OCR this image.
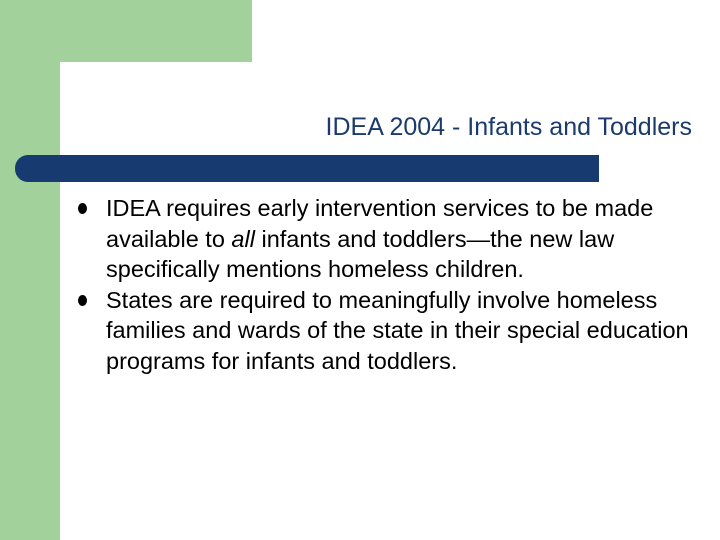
IDEA 2004 - Infants and Toddlers
IDEA requires early intervention services to be made available to all infants and toddlers—the new law specifically mentions homeless children.
States are required to meaningfully involve homeless families and wards of the state in their special education programs for infants and toddlers.
